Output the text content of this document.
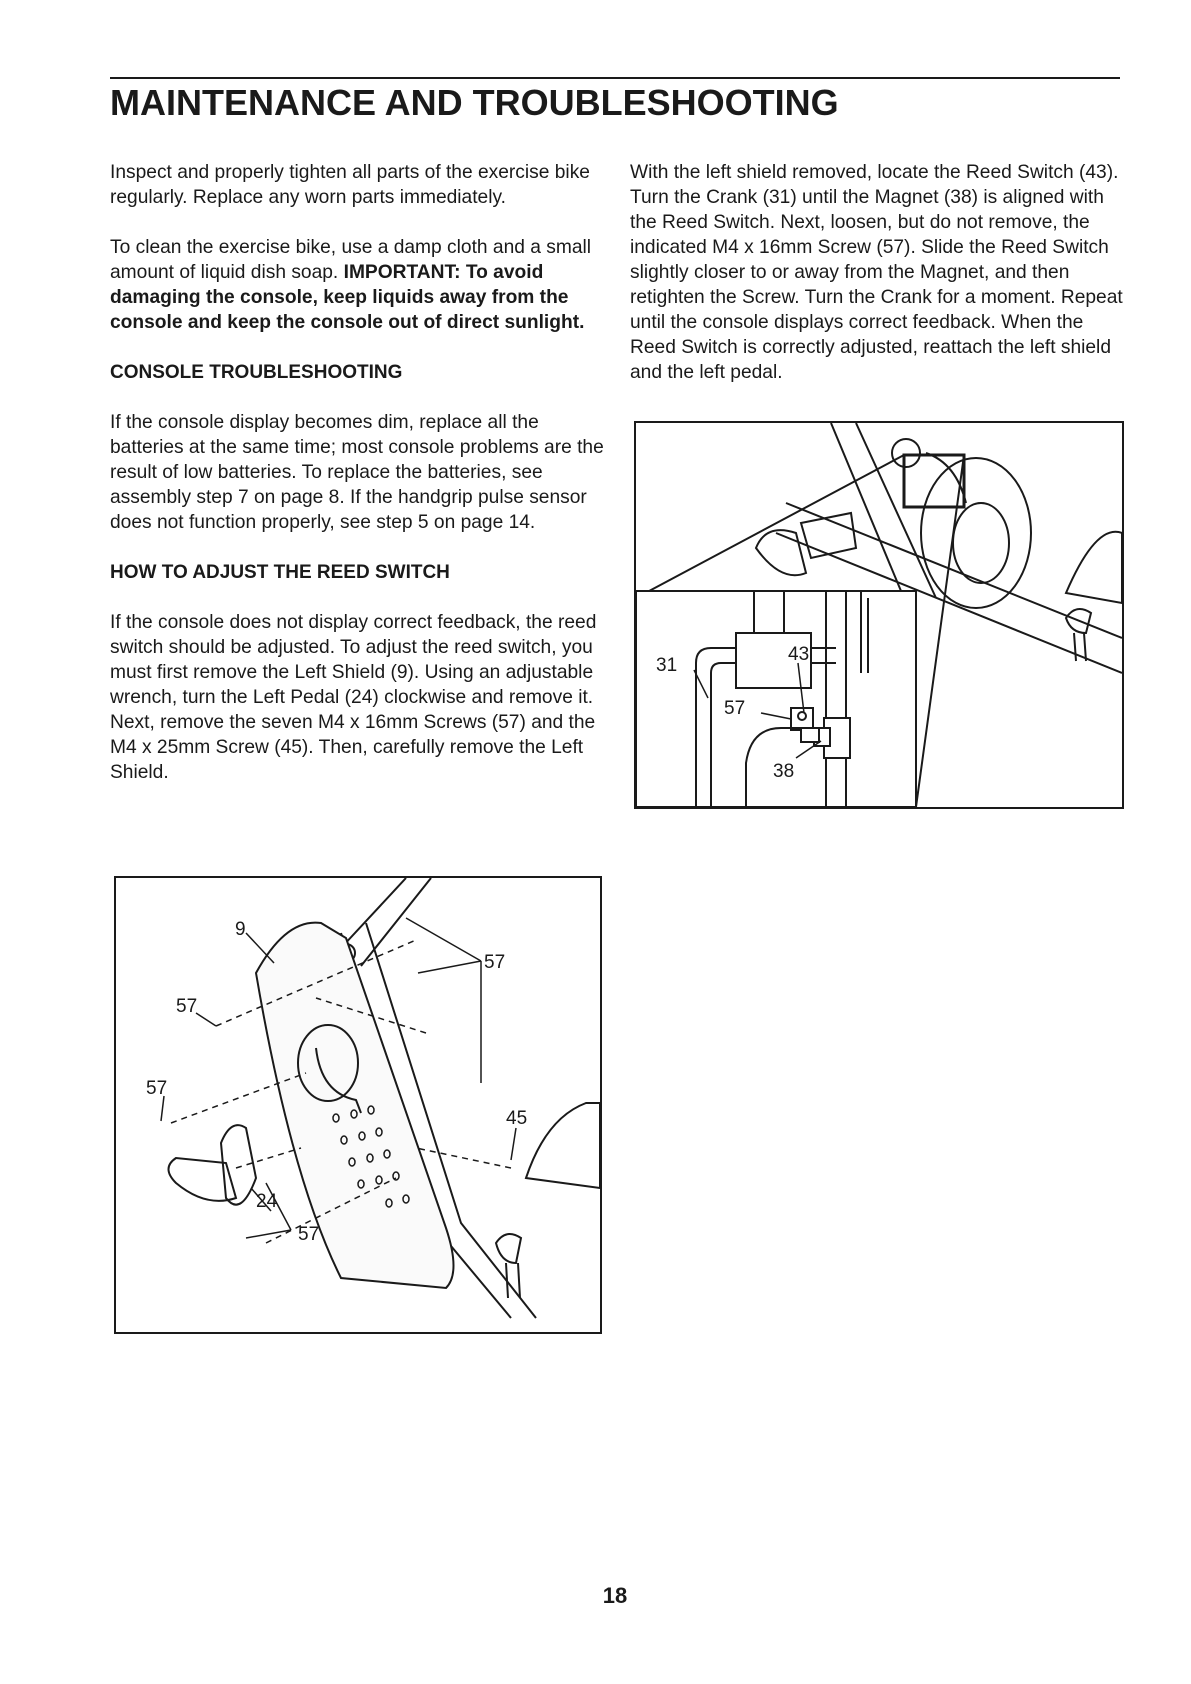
MAINTENANCE AND TROUBLESHOOTING

Inspect and properly tighten all parts of the exercise bike regularly. Replace any worn parts immediately.

To clean the exercise bike, use a damp cloth and a small amount of liquid dish soap. IMPORTANT: To avoid damaging the console, keep liquids away from the console and keep the console out of direct sunlight.

CONSOLE TROUBLESHOOTING

If the console display becomes dim, replace all the batteries at the same time; most console problems are the result of low batteries. To replace the batteries, see assembly step 7 on page 8. If the handgrip pulse sensor does not function properly, see step 5 on page 14.

HOW TO ADJUST THE REED SWITCH

If the console does not display correct feedback, the reed switch should be adjusted. To adjust the reed switch, you must first remove the Left Shield (9). Using an adjustable wrench, turn the Left Pedal (24) clockwise and remove it. Next, remove the seven M4 x 16mm Screws (57) and the M4 x 25mm Screw (45). Then, carefully remove the Left Shield.

With the left shield removed, locate the Reed Switch (43). Turn the Crank (31) until the Magnet (38) is aligned with the Reed Switch. Next, loosen, but do not remove, the indicated M4 x 16mm Screw (57). Slide the Reed Switch slightly closer to or away from the Magnet, and then retighten the Screw. Turn the Crank for a moment. Repeat until the console displays correct feedback. When the Reed Switch is correctly adjusted, reattach the left shield and the left pedal.

9
57
57
57
45
24
57
31
43
57
38
18
